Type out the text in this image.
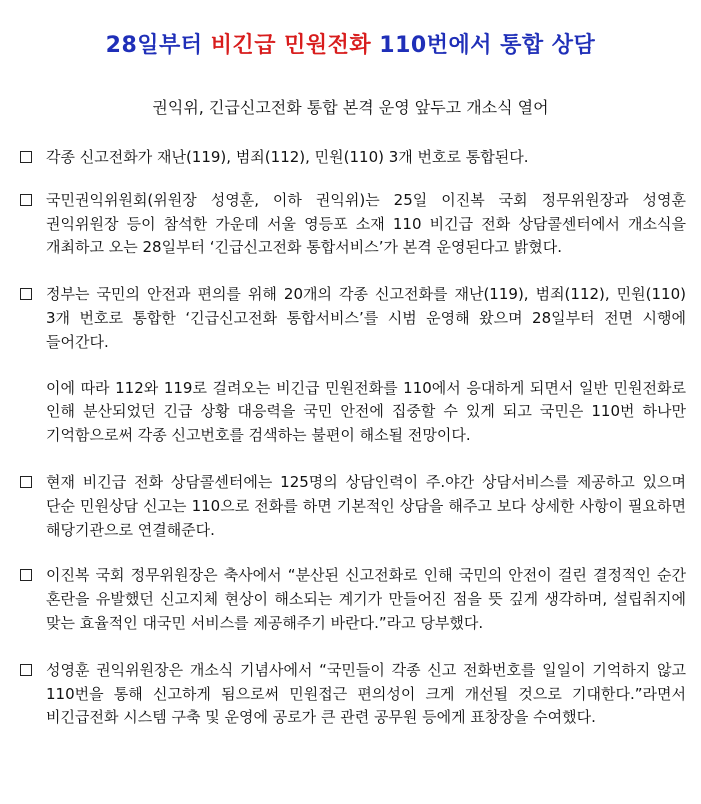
28일부터 비긴급 민원전화 110번에서 통합 상담
권익위, 긴급신고전화 통합 본격 운영 앞두고 개소식 열어
각종 신고전화가 재난(119), 범죄(112), 민원(110) 3개 번호로 통합된다.
국민권익위원회(위원장 성영훈, 이하 권익위)는 25일 이진복 국회 정무위원장과 성영훈 권익위원장 등이 참석한 가운데 서울 영등포 소재 110 비긴급 전화 상담콜센터에서 개소식을 개최하고 오는 28일부터 ‘긴급신고전화 통합서비스’가 본격 운영된다고 밝혔다.
정부는 국민의 안전과 편의를 위해 20개의 각종 신고전화를 재난(119), 범죄(112), 민원(110) 3개 번호로 통합한 ‘긴급신고전화 통합서비스’를 시범 운영해 왔으며 28일부터 전면 시행에 들어간다.
이에 따라 112와 119로 걸려오는 비긴급 민원전화를 110에서 응대하게 되면서 일반 민원전화로 인해 분산되었던 긴급 상황 대응력을 국민 안전에 집중할 수 있게 되고 국민은 110번 하나만 기억함으로써 각종 신고번호를 검색하는 불편이 해소될 전망이다.
현재 비긴급 전화 상담콜센터에는 125명의 상담인력이 주.야간 상담서비스를 제공하고 있으며 단순 민원상담 신고는 110으로 전화를 하면 기본적인 상담을 해주고 보다 상세한 사항이 필요하면 해당기관으로 연결해준다.
이진복 국회 정무위원장은 축사에서 “분산된 신고전화로 인해 국민의 안전이 걸린 결정적인 순간 혼란을 유발했던 신고지체 현상이 해소되는 계기가 만들어진 점을 뜻 깊게 생각하며, 설립취지에 맞는 효율적인 대국민 서비스를 제공해주기 바란다.”라고 당부했다.
성영훈 권익위원장은 개소식 기념사에서 “국민들이 각종 신고 전화번호를 일일이 기억하지 않고 110번을 통해 신고하게 됨으로써 민원접근 편의성이 크게 개선될 것으로 기대한다.”라면서 비긴급전화 시스템 구축 및 운영에 공로가 큰 관련 공무원 등에게 표창장을 수여했다.
